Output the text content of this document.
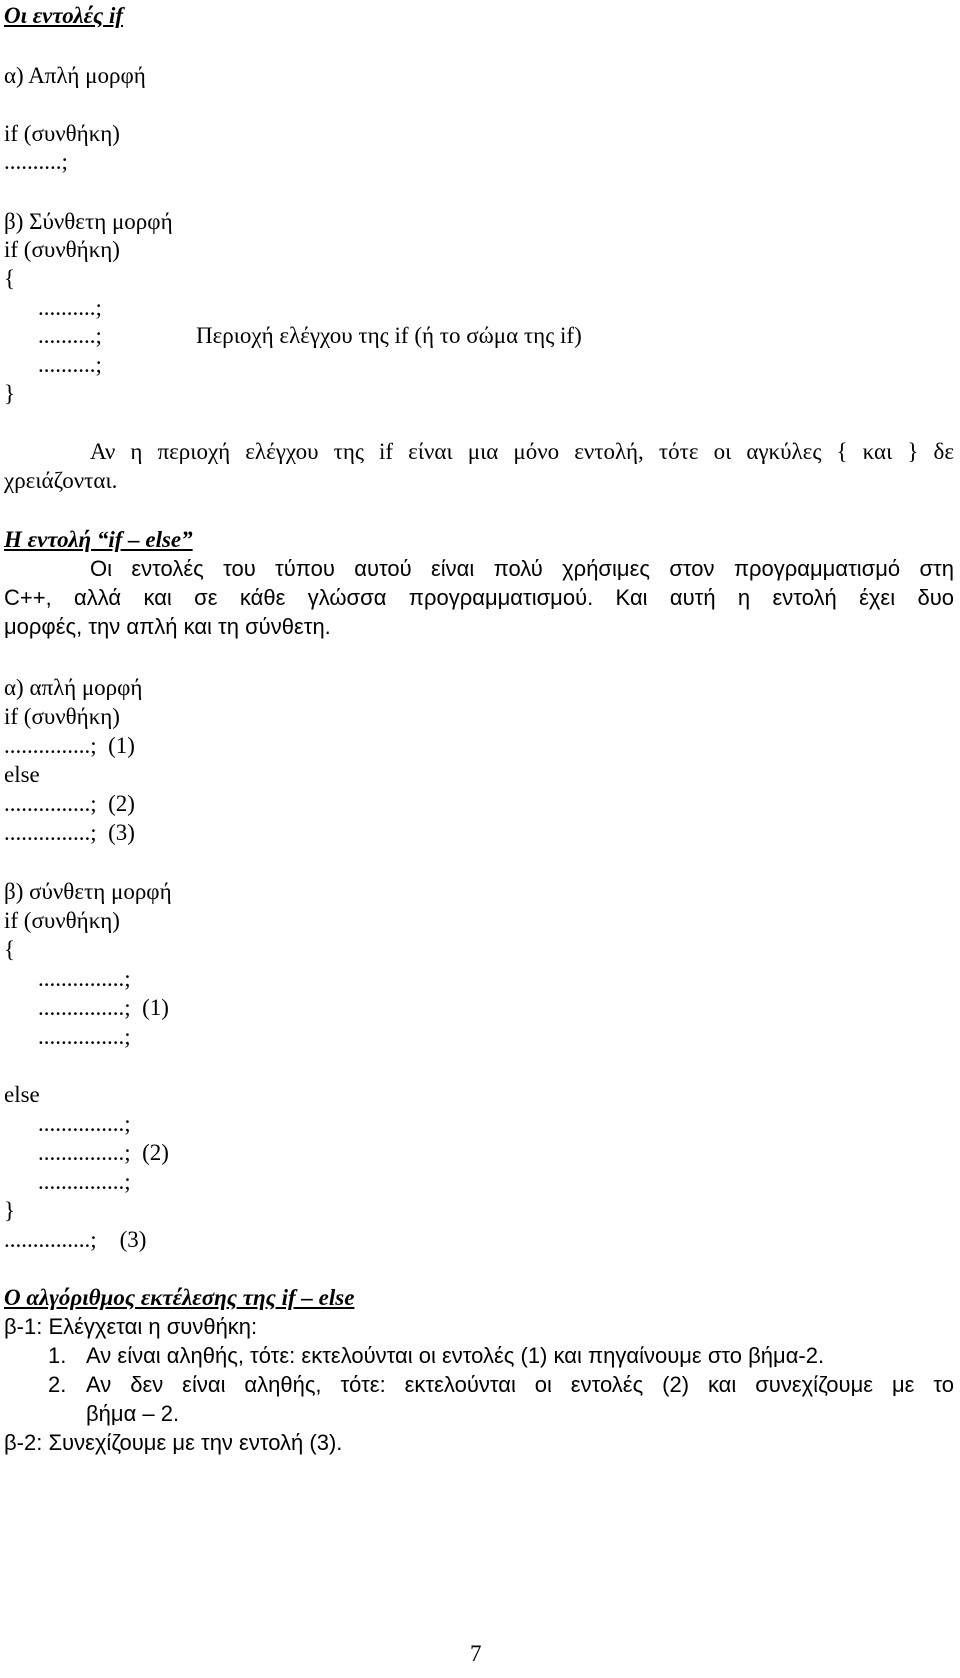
Οι εντολές if
α) Απλή μορφή
if (συνθήκη)
..........;
β) Σύνθετη μορφή
if (συνθήκη)
{
..........;
..........;	Περιοχή ελέγχου της if (ή το σώμα της if)
..........;
}
Αν η περιοχή ελέγχου της if είναι μια μόνο εντολή, τότε οι αγκύλες { και } δε
χρειάζονται.
Η εντολή “if – else”
Οι εντολές του τύπου αυτού είναι πολύ χρήσιμες στον προγραμματισμό στη
C++, αλλά και σε κάθε γλώσσα προγραμματισμού. Και αυτή η εντολή έχει δυο
μορφές, την απλή και τη σύνθετη.
α) απλή μορφή
if (συνθήκη)
...............;  (1)
else
...............;  (2)
...............;  (3)
β) σύνθετη μορφή
if (συνθήκη)
{
...............;
...............;  (1)
...............;
else
...............;
...............;  (2)
...............;
}
...............;    (3)
Ο αλγόριθμος εκτέλεσης της if – else
β-1: Ελέγχεται η συνθήκη:
1. Αν είναι αληθής, τότε: εκτελούνται οι εντολές (1) και πηγαίνουμε στο βήμα-2.
2. Αν δεν είναι αληθής, τότε: εκτελούνται οι εντολές (2) και συνεχίζουμε με το
βήμα – 2.
β-2: Συνεχίζουμε με την εντολή (3).
7
